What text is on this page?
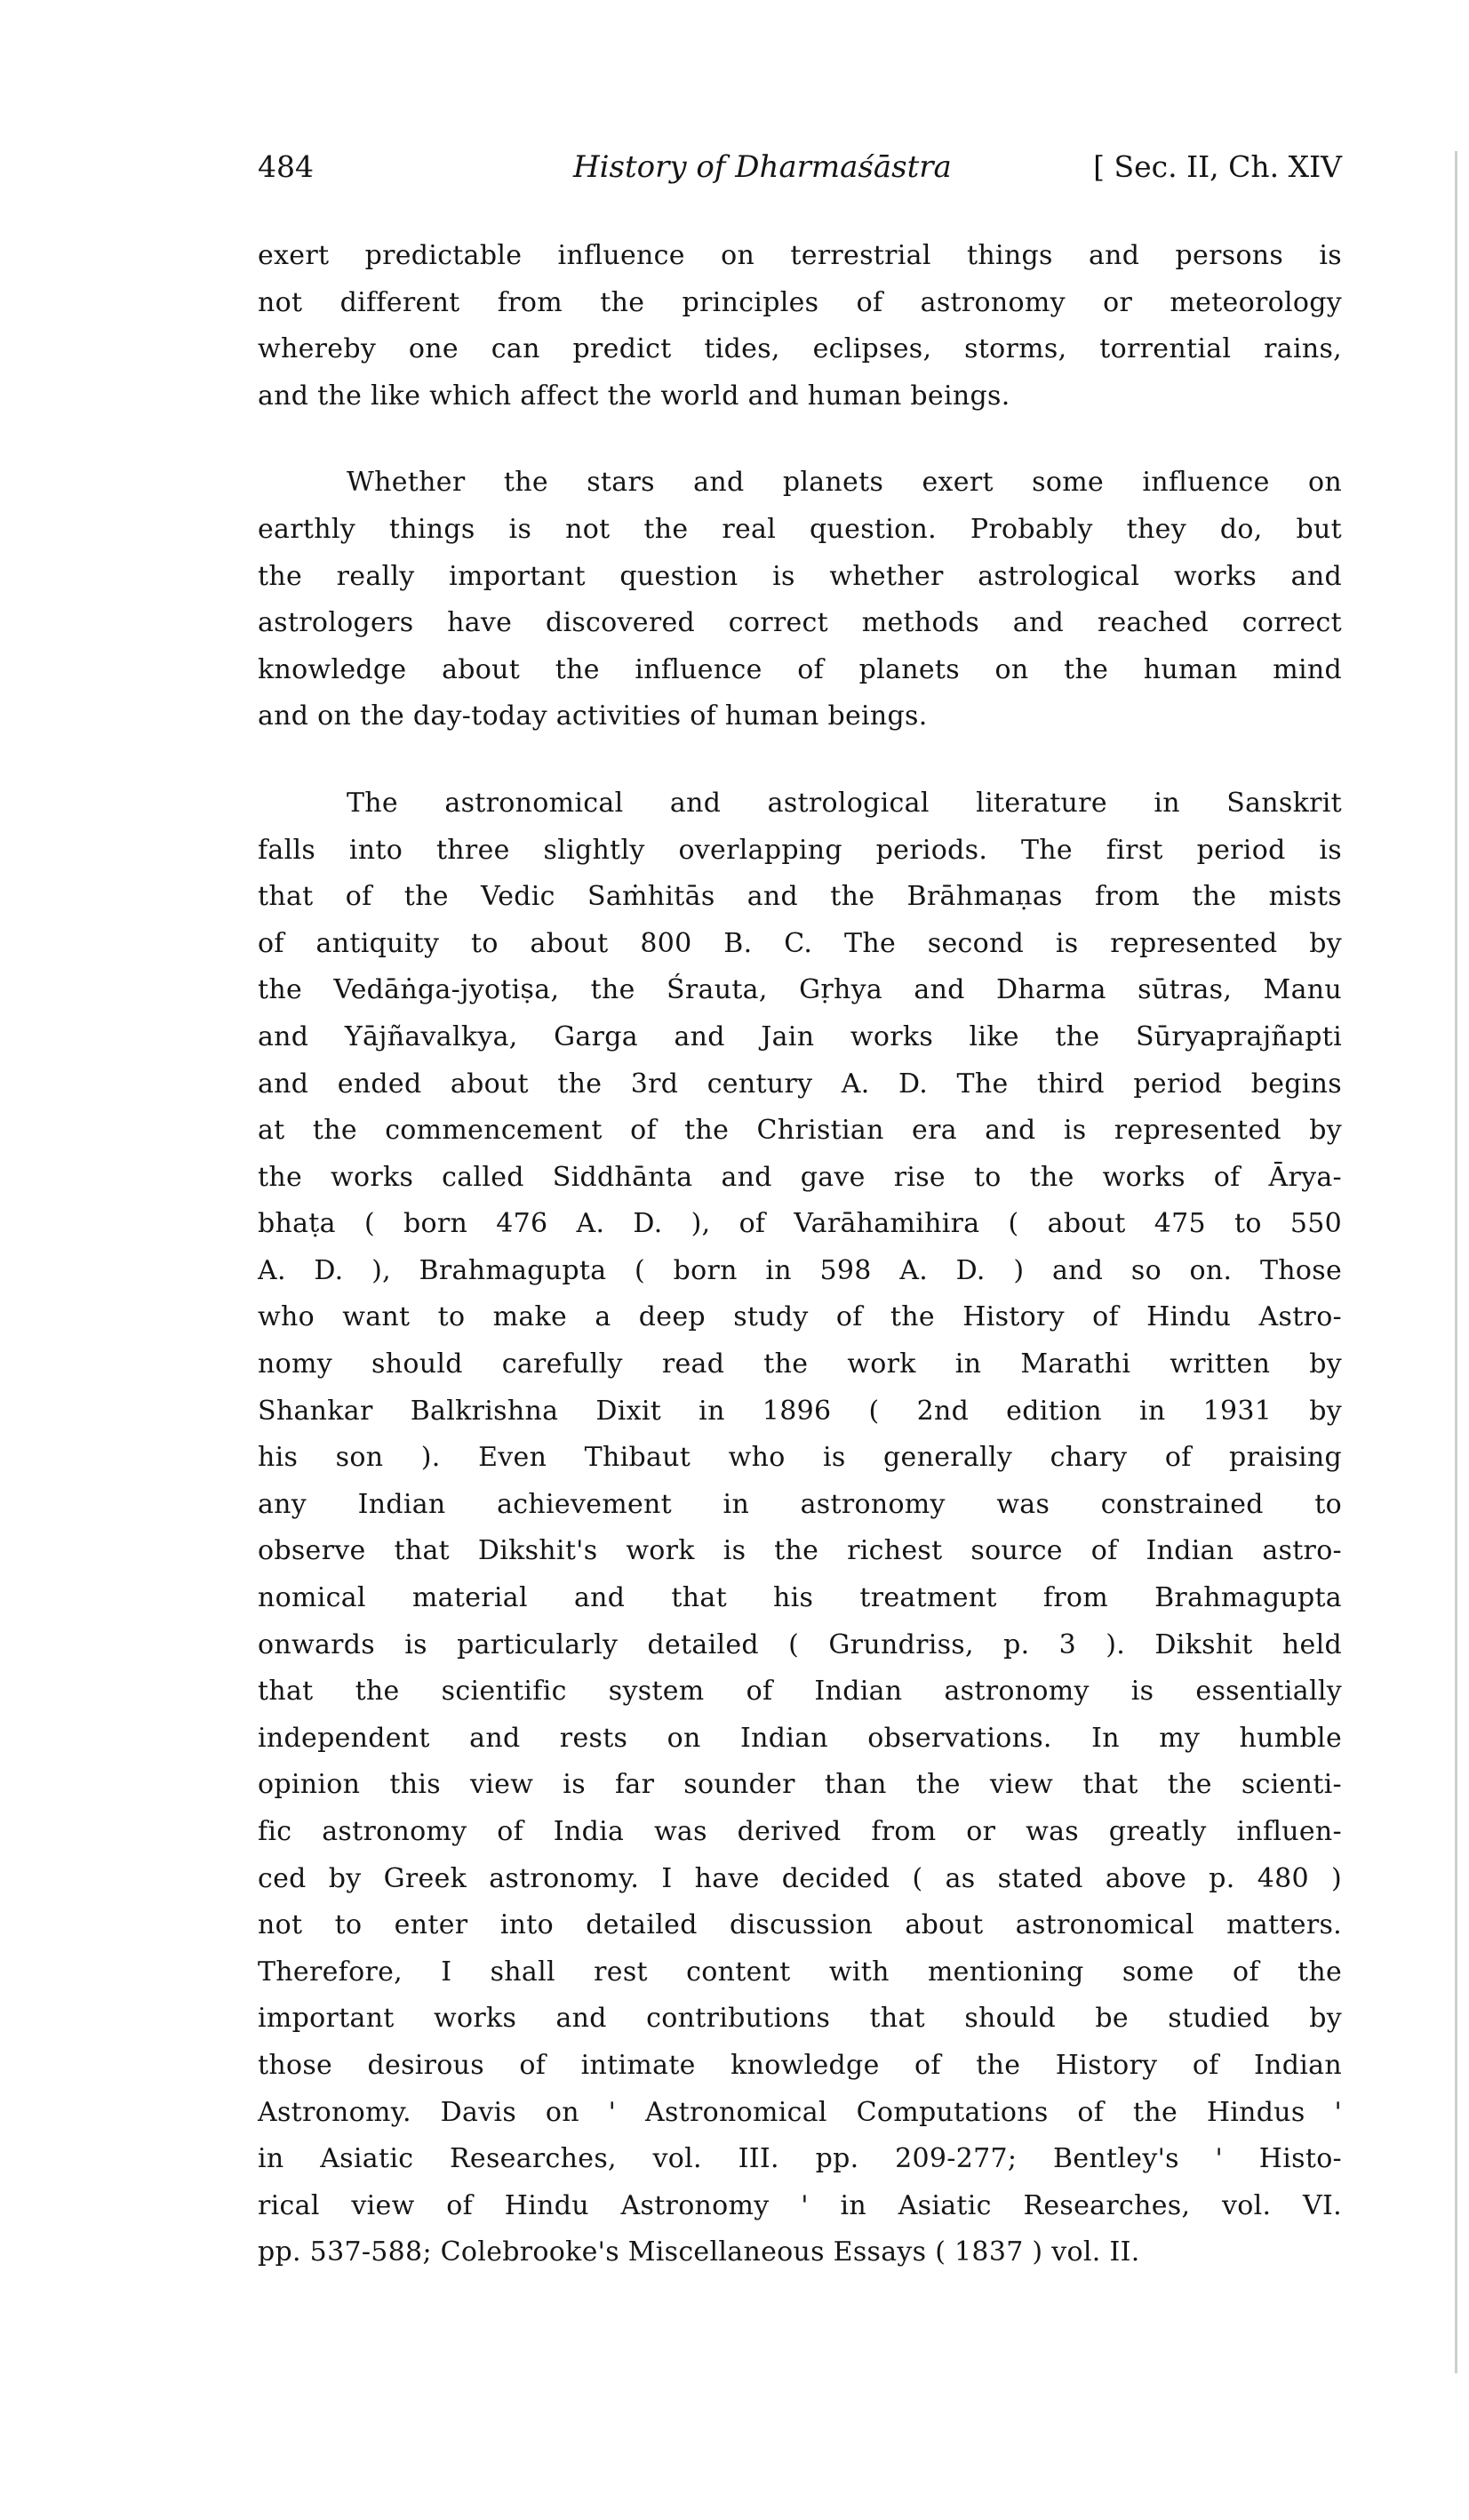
484	History of Dharmaśāstra	[ Sec. II, Ch. XIV
exert predictable influence on terrestrial things and persons is
not different from the principles of astronomy or meteorology
whereby one can predict tides, eclipses, storms, torrential rains,
and the like which affect the world and human beings.
Whether the stars and planets exert some influence on
earthly things is not the real question. Probably they do, but
the really important question is whether astrological works and
astrologers have discovered correct methods and reached correct
knowledge about the influence of planets on the human mind
and on the day-today activities of human beings.
The astronomical and astrological literature in Sanskrit
falls into three slightly overlapping periods. The first period is
that of the Vedic Saṁhitās and the Brāhmaṇas from the mists
of antiquity to about 800 B. C. The second is represented by
the Vedāṅga-jyotiṣa, the Śrauta, Gṛhya and Dharma sūtras, Manu
and Yājñavalkya, Garga and Jain works like the Sūryaprajñapti
and ended about the 3rd century A. D. The third period begins
at the commencement of the Christian era and is represented by
the works called Siddhānta and gave rise to the works of Ārya-
bhaṭa ( born 476 A. D. ), of Varāhamihira ( about 475 to 550
A. D. ), Brahmagupta ( born in 598 A. D. ) and so on. Those
who want to make a deep study of the History of Hindu Astro-
nomy should carefully read the work in Marathi written by
Shankar Balkrishna Dixit in 1896 ( 2nd edition in 1931 by
his son ). Even Thibaut who is generally chary of praising
any Indian achievement in astronomy was constrained to
observe that Dikshit's work is the richest source of Indian astro-
nomical material and that his treatment from Brahmagupta
onwards is particularly detailed ( Grundriss, p. 3 ). Dikshit held
that the scientific system of Indian astronomy is essentially
independent and rests on Indian observations. In my humble
opinion this view is far sounder than the view that the scienti-
fic astronomy of India was derived from or was greatly influen-
ced by Greek astronomy. I have decided ( as stated above p. 480 )
not to enter into detailed discussion about astronomical matters.
Therefore, I shall rest content with mentioning some of the
important works and contributions that should be studied by
those desirous of intimate knowledge of the History of Indian
Astronomy. Davis on ' Astronomical Computations of the Hindus '
in Asiatic Researches, vol. III. pp. 209-277; Bentley's ' Histo-
rical view of Hindu Astronomy ' in Asiatic Researches, vol. VI.
pp. 537-588; Colebrooke's Miscellaneous Essays ( 1837 ) vol. II.
